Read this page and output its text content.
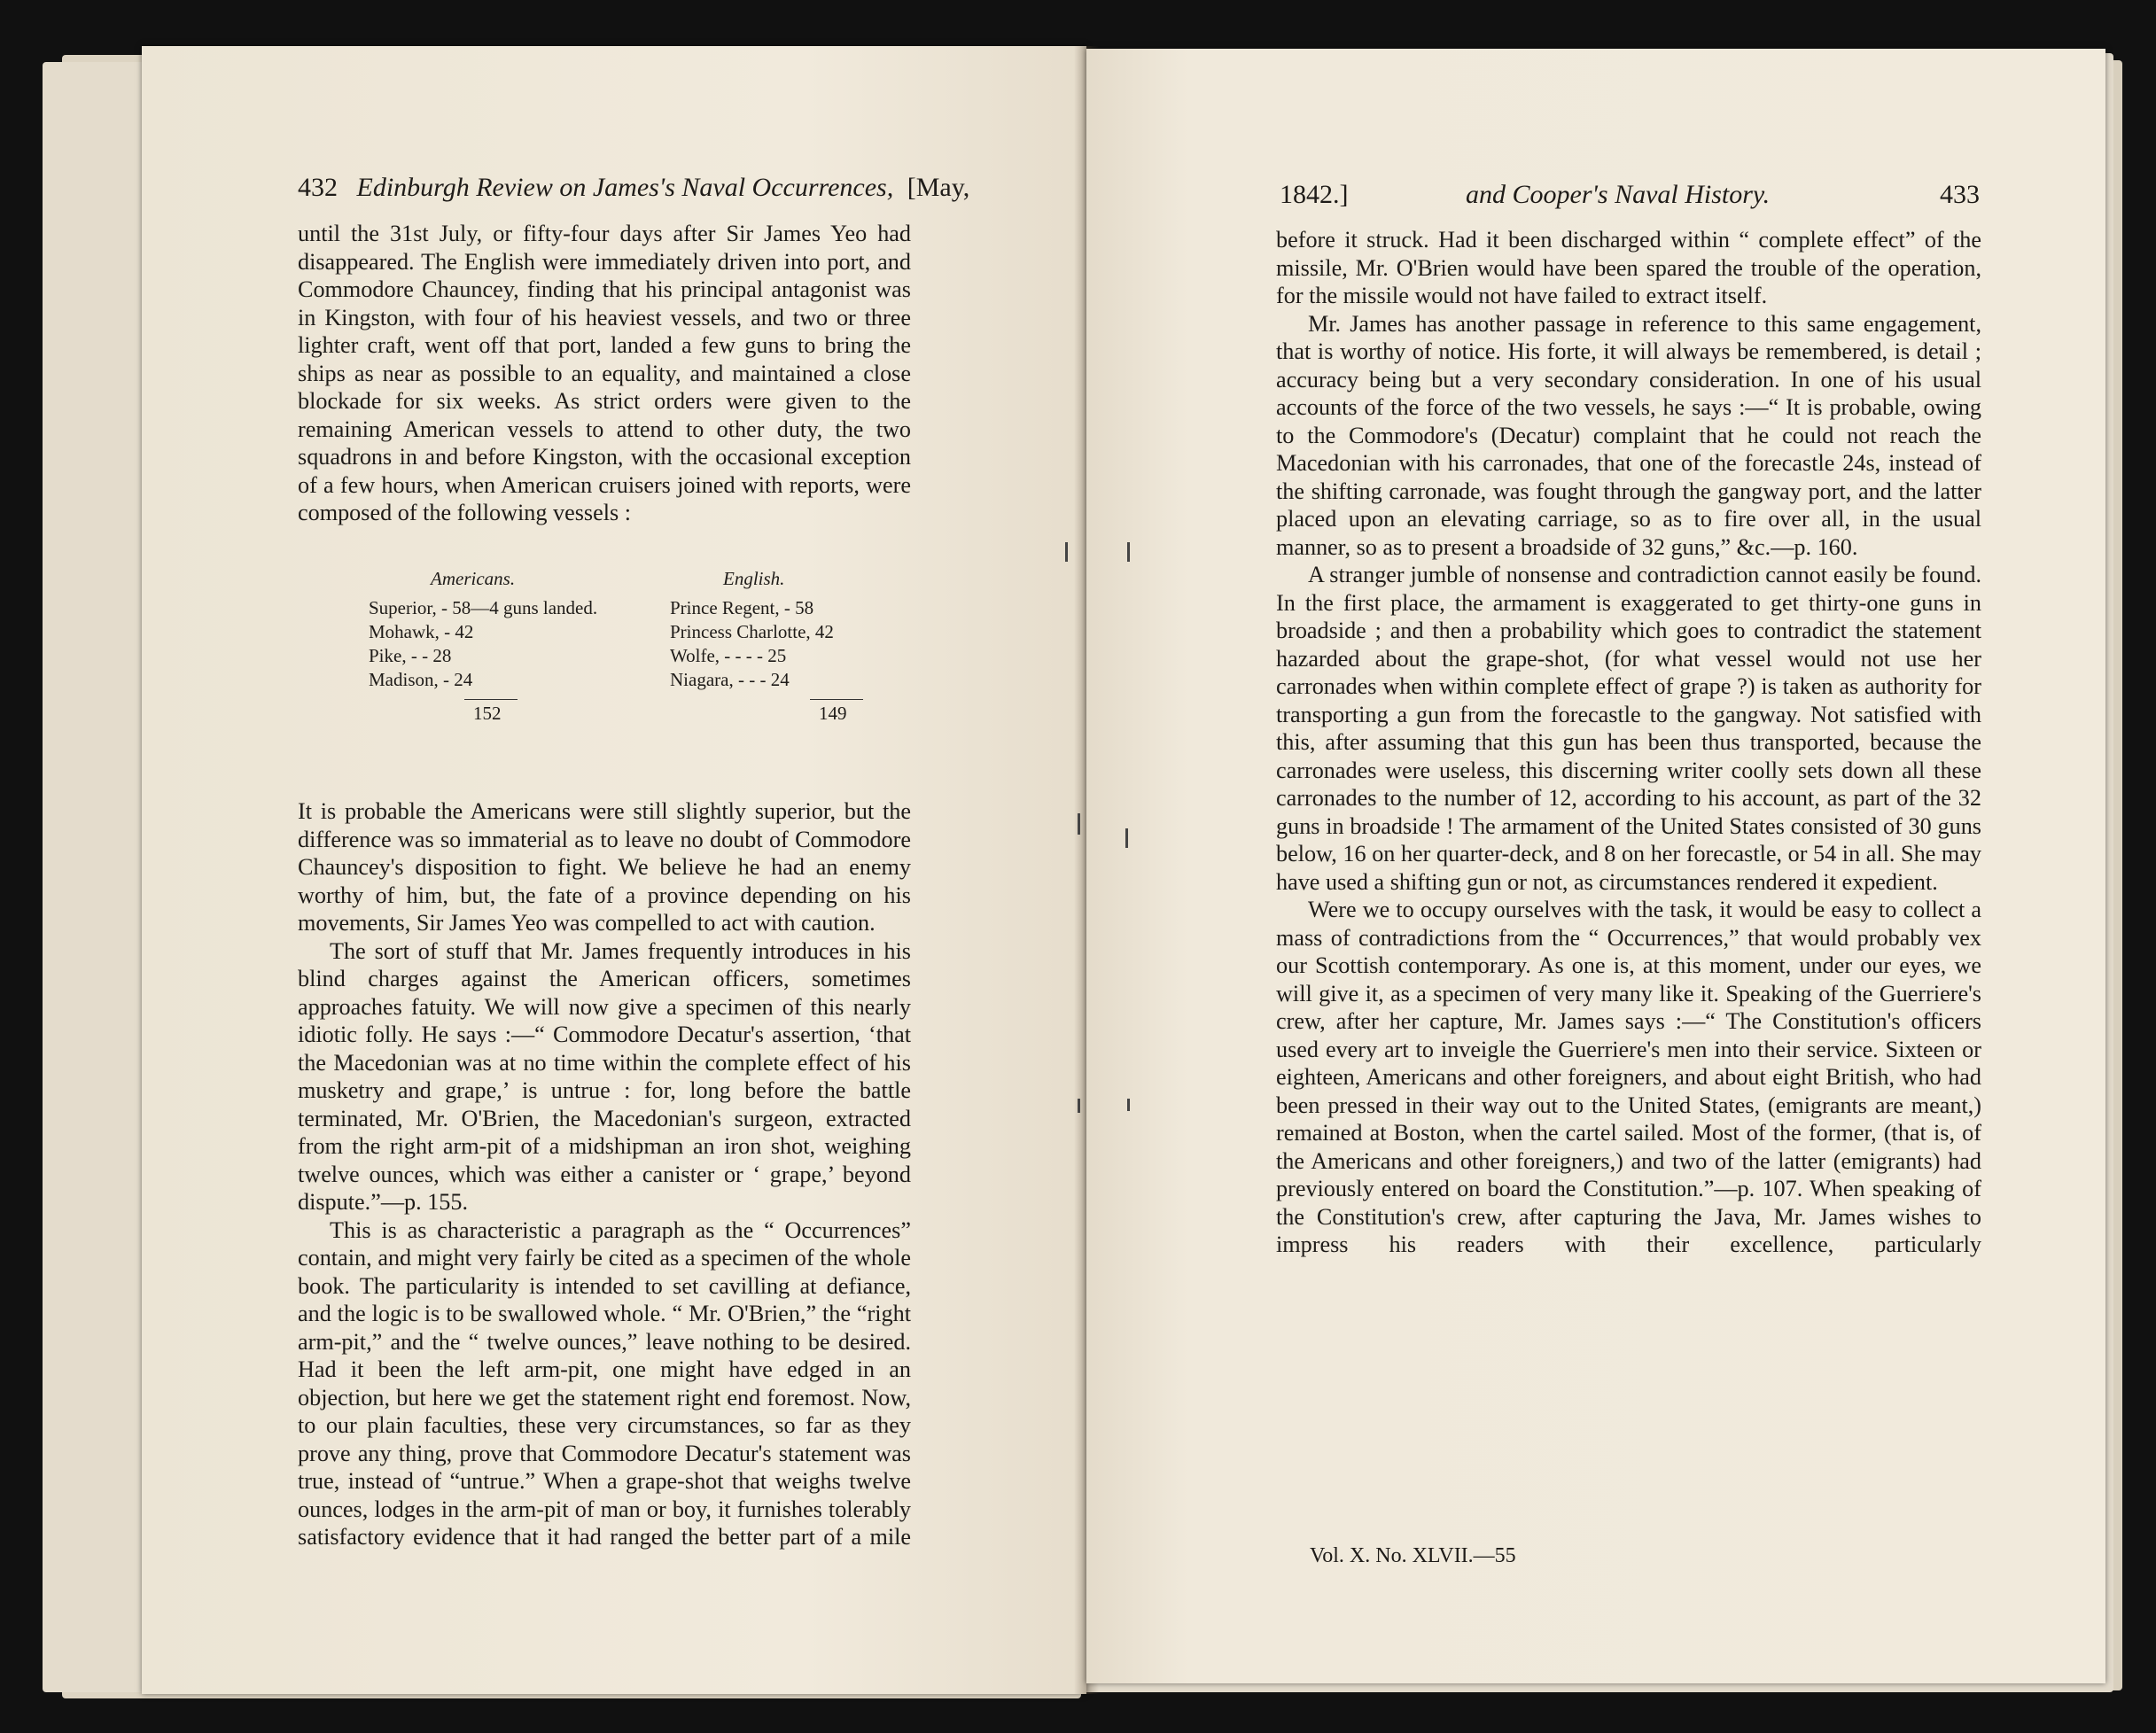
432 Edinburgh Review on James's Naval Occurrences, [May,

until the 31st July, or fifty-four days after Sir James Yeo had disappeared. The English were immediately driven into port, and Commodore Chauncey, finding that his principal antagonist was in Kingston, with four of his heaviest vessels, and two or three lighter craft, went off that port, landed a few guns to bring the ships as near as possible to an equality, and maintained a close blockade for six weeks. As strict orders were given to the remaining American vessels to attend to other duty, the two squadrons in and before Kingston, with the occasional exception of a few hours, when American cruisers joined with reports, were composed of the following vessels :

Americans.
Superior, - 58—4 guns landed.
Mohawk, - 42
Pike, - - 28
Madison, - 24
152
English.
Prince Regent, - 58
Princess Charlotte, 42
Wolfe, - - - - 25
Niagara, - - - 24
149

It is probable the Americans were still slightly superior, but the difference was so immaterial as to leave no doubt of Commodore Chauncey's disposition to fight. We believe he had an enemy worthy of him, but, the fate of a province depending on his movements, Sir James Yeo was compelled to act with caution.

The sort of stuff that Mr. James frequently introduces in his blind charges against the American officers, sometimes approaches fatuity. We will now give a specimen of this nearly idiotic folly. He says :—“ Commodore Decatur's assertion, ‘that the Macedonian was at no time within the complete effect of his musketry and grape,’ is untrue : for, long before the battle terminated, Mr. O'Brien, the Macedonian's surgeon, extracted from the right arm-pit of a midshipman an iron shot, weighing twelve ounces, which was either a canister or ‘ grape,’ beyond dispute.”—p. 155.

This is as characteristic a paragraph as the “ Occurrences” contain, and might very fairly be cited as a specimen of the whole book. The particularity is intended to set cavilling at defiance, and the logic is to be swallowed whole. “ Mr. O'Brien,” the “right arm-pit,” and the “ twelve ounces,” leave nothing to be desired. Had it been the left arm-pit, one might have edged in an objection, but here we get the statement right end foremost. Now, to our plain faculties, these very circumstances, so far as they prove any thing, prove that Commodore Decatur's statement was true, instead of “untrue.” When a grape-shot that weighs twelve ounces, lodges in the arm-pit of man or boy, it furnishes tolerably satisfactory evidence that it had ranged the better part of a mile

1842.]	and Cooper's Naval History.	433

before it struck. Had it been discharged within “ complete effect” of the missile, Mr. O'Brien would have been spared the trouble of the operation, for the missile would not have failed to extract itself.

Mr. James has another passage in reference to this same engagement, that is worthy of notice. His forte, it will always be remembered, is detail ; accuracy being but a very secondary consideration. In one of his usual accounts of the force of the two vessels, he says :—“ It is probable, owing to the Commodore's (Decatur) complaint that he could not reach the Macedonian with his carronades, that one of the forecastle 24s, instead of the shifting carronade, was fought through the gangway port, and the latter placed upon an elevating carriage, so as to fire over all, in the usual manner, so as to present a broadside of 32 guns,” &c.—p. 160.

A stranger jumble of nonsense and contradiction cannot easily be found. In the first place, the armament is exaggerated to get thirty-one guns in broadside ; and then a probability which goes to contradict the statement hazarded about the grape-shot, (for what vessel would not use her carronades when within complete effect of grape ?) is taken as authority for transporting a gun from the forecastle to the gangway. Not satisfied with this, after assuming that this gun has been thus transported, because the carronades were useless, this discerning writer coolly sets down all these carronades to the number of 12, according to his account, as part of the 32 guns in broadside ! The armament of the United States consisted of 30 guns below, 16 on her quarter-deck, and 8 on her forecastle, or 54 in all. She may have used a shifting gun or not, as circumstances rendered it expedient.

Were we to occupy ourselves with the task, it would be easy to collect a mass of contradictions from the “ Occurrences,” that would probably vex our Scottish contemporary. As one is, at this moment, under our eyes, we will give it, as a specimen of very many like it. Speaking of the Guerriere's crew, after her capture, Mr. James says :—“ The Constitution's officers used every art to inveigle the Guerriere's men into their service. Sixteen or eighteen, Americans and other foreigners, and about eight British, who had been pressed in their way out to the United States, (emigrants are meant,) remained at Boston, when the cartel sailed. Most of the former, (that is, of the Americans and other foreigners,) and two of the latter (emigrants) had previously entered on board the Constitution.”—p. 107. When speaking of the Constitution's crew, after capturing the Java, Mr. James wishes to impress his readers with their excellence, particularly

Vol. X. No. XLVII.—55
